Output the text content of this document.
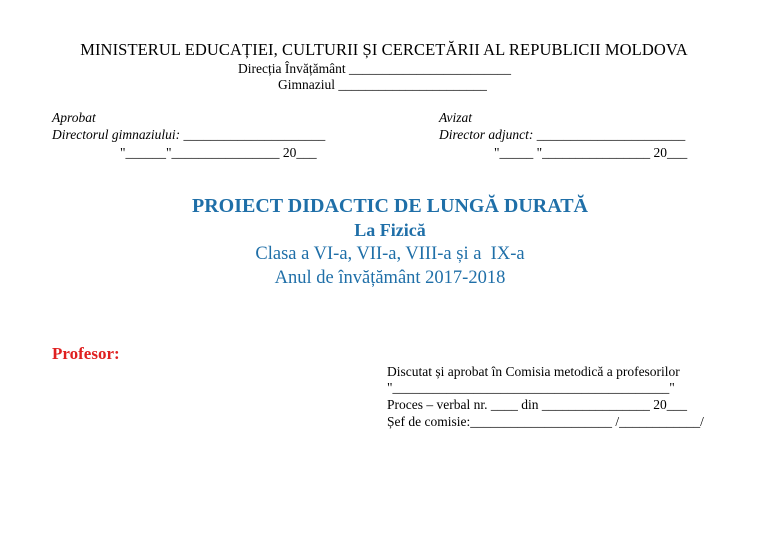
MINISTERUL EDUCAȚIEI, CULTURII ȘI CERCETĂRII AL REPUBLICII MOLDOVA
Direcția Învățământ ________________________
Gimnaziul ______________________
Aprobat
Directorul gimnaziului: _____________________
"______"________________ 20___
Avizat
Director adjunct: ______________________
"_____ "________________ 20___
PROIECT DIDACTIC DE LUNGĂ DURATĂ
La Fizică
Clasa a VI-a, VII-a, VIII-a și a  IX-a
Anul de învățământ 2017-2018
Profesor:
Discutat și aprobat în Comisia metodică a profesorilor
"_________________________________________"
Proces – verbal nr. ____ din ________________ 20___
Șef de comisie:_____________________ /____________/
